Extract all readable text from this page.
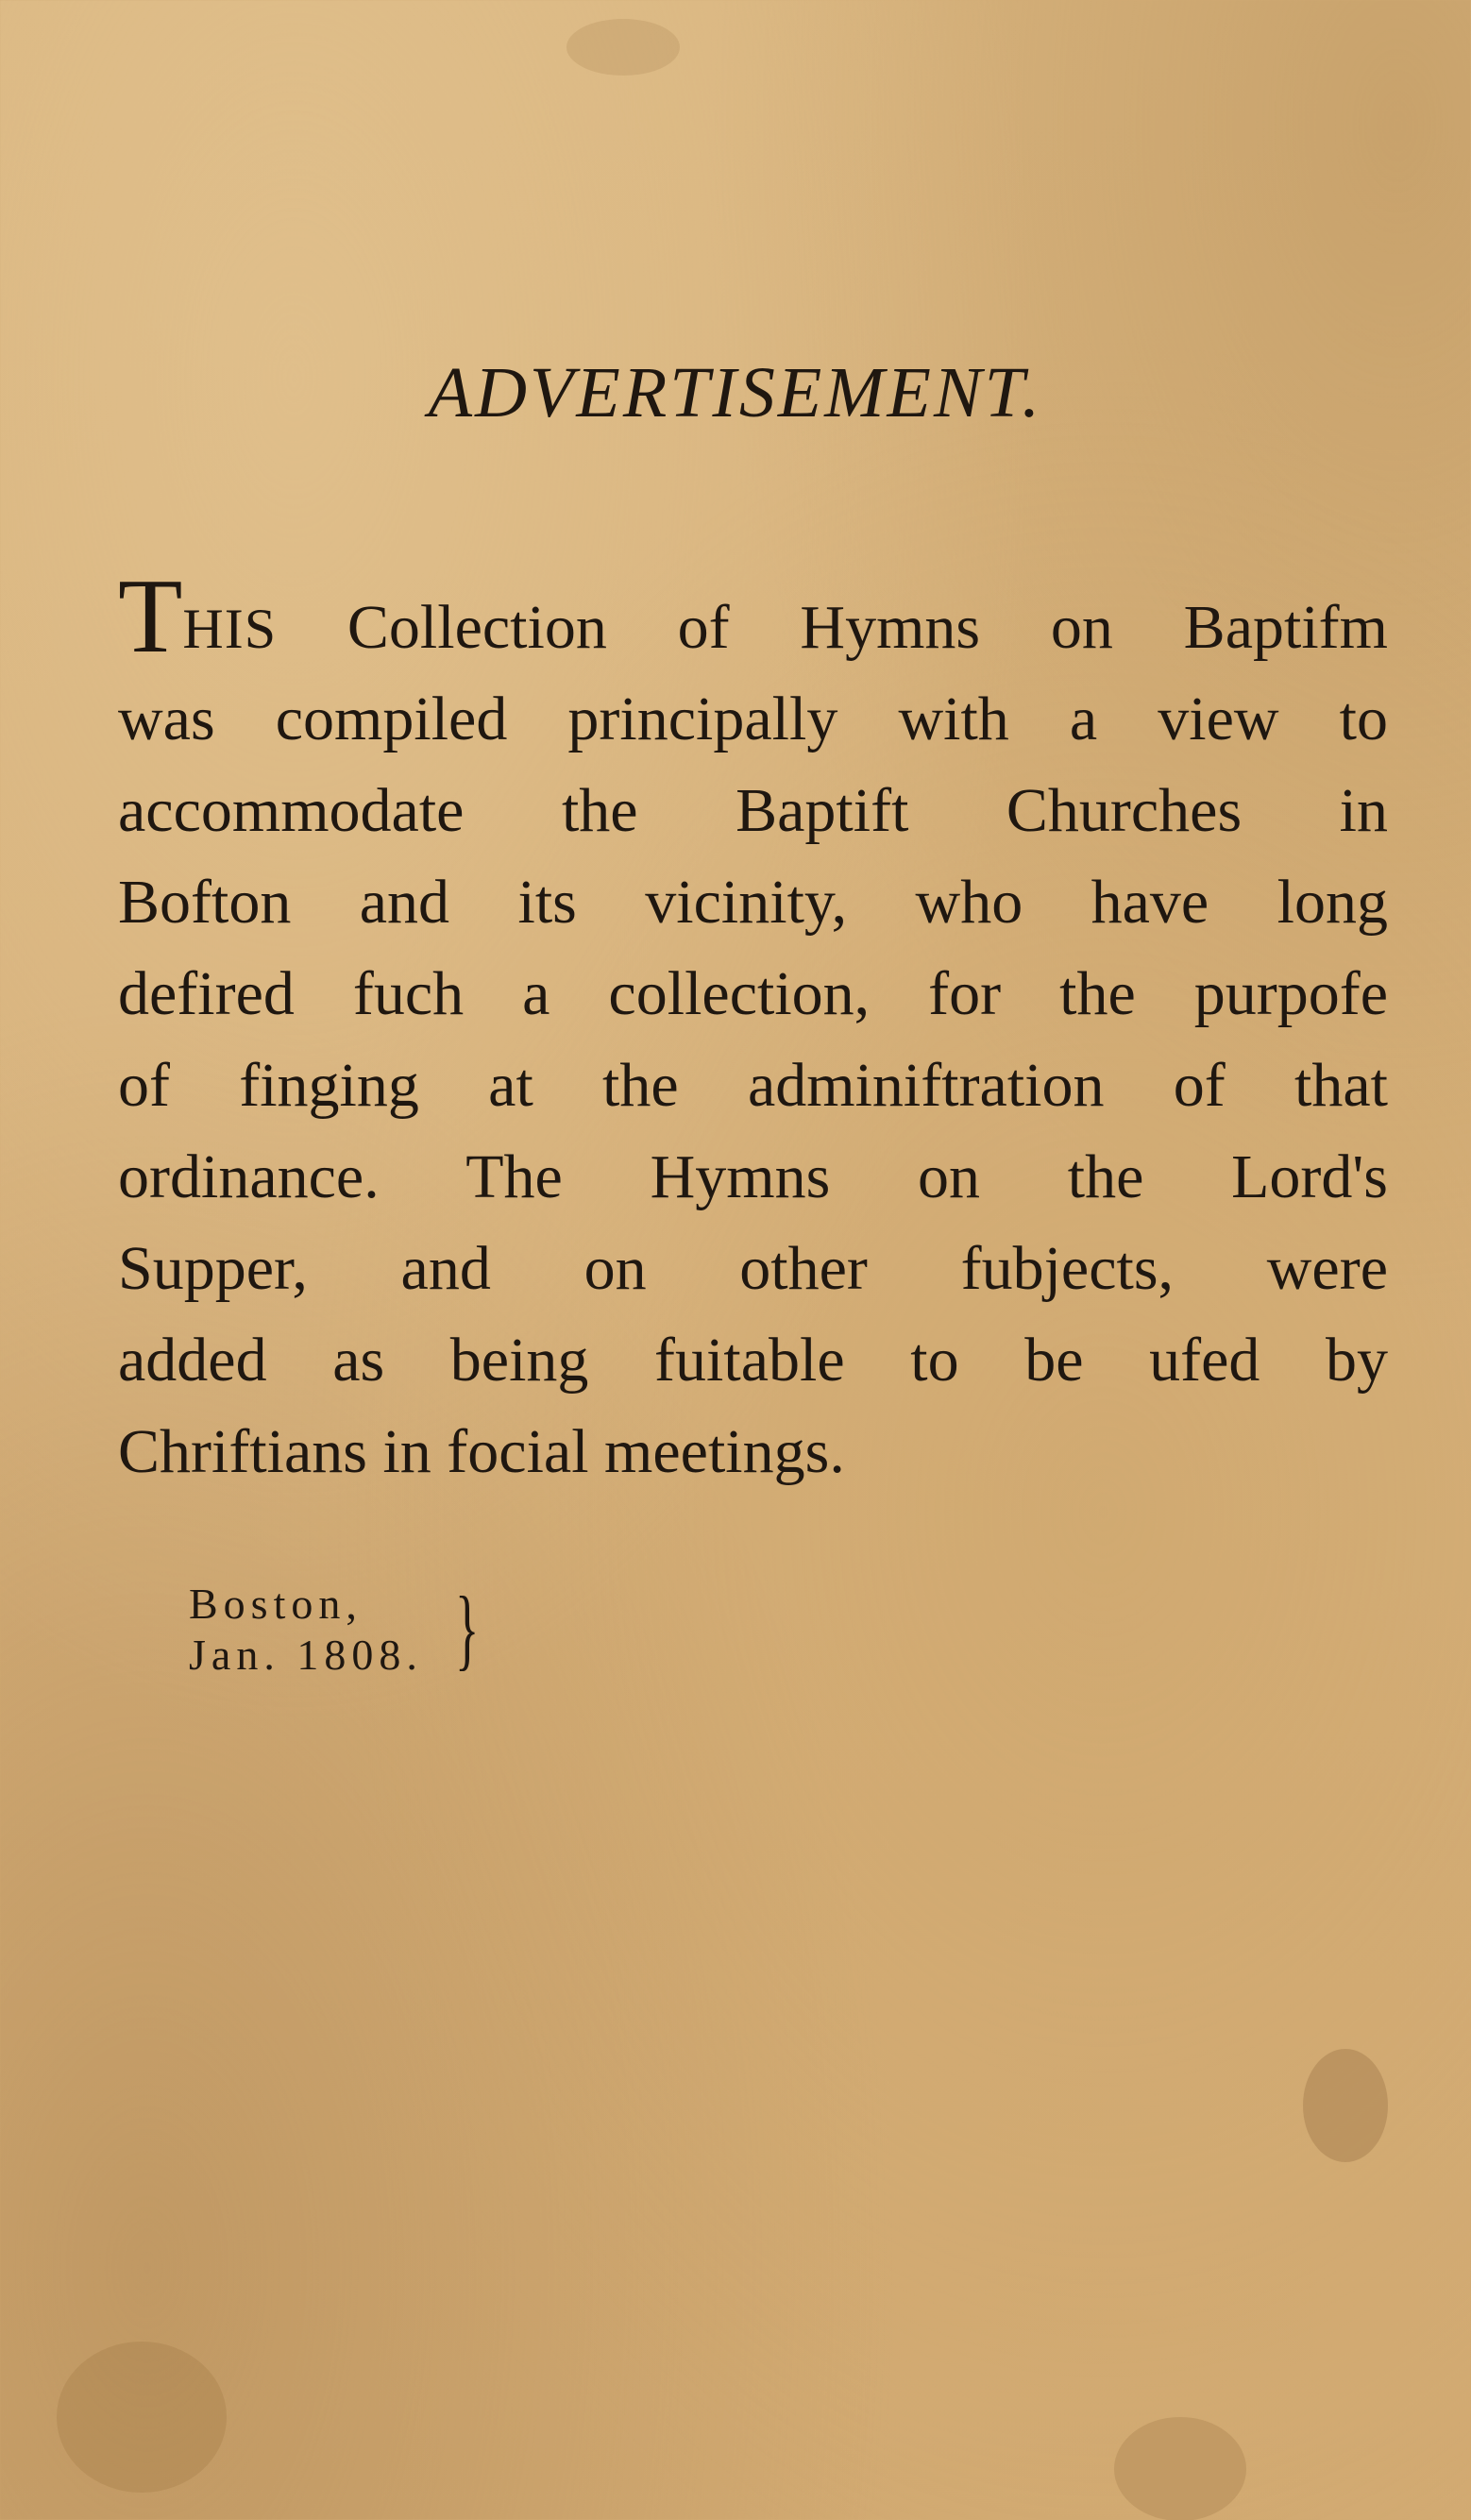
ADVERTISEMENT.
THIS Collection of Hymns on Baptifm
was compiled principally with a view to
accommodate the Baptift Churches in
Bofton and its vicinity, who have long
defired fuch a collection, for the purpofe
of finging at the adminiftration of that
ordinance. The Hymns on the Lord's
Supper, and on other fubjects, were
added as being fuitable to be ufed by
Chriftians in focial meetings.
Boston,
Jan. 1808. }
